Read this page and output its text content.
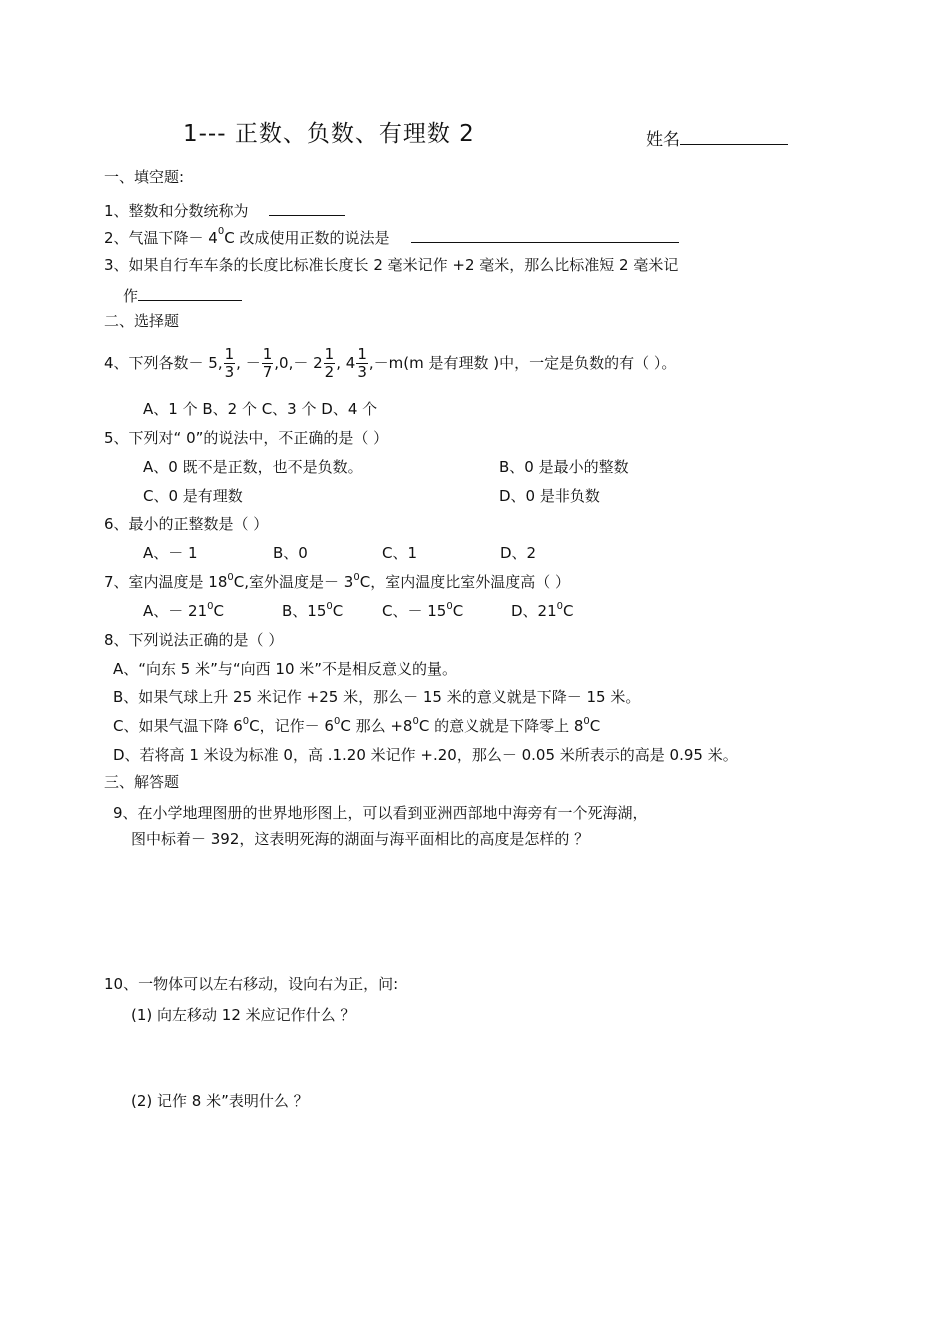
1--- 正数、负数、有理数 2	姓名
一、填空题:
1、整数和分数统称为
2、气温下降－ $4^0C$ 改成使用正数的说法是
3、如果自行车车条的长度比标准长度长 2 毫米记作 +2 毫米，那么比标准短 2 毫米记
作
二、选择题
4、下列各数－ 5, $\frac{1}{3}$ , － $\frac{1}{7} ,0,- 2 \frac{1}{2}$ , $4 \frac{1}{3} ,-m(m$ 是有理数 )中，一定是负数的有（ ）。
A、1 个 B、2 个 C、3 个 D、4 个
5、下列对“ 0”的说法中，不正确的是（ ）
A、0 既不是正数，也不是负数。	B、0 是最小的整数
C、0 是有理数	D、0 是非负数
6、最小的正整数是（ ）
A、－ 1	B、0	C、1	D、2
7、室内温度是 $18^0C$,室外温度是－ $3^0C$，室内温度比室外温度高（ ）
A、－ $21^0C$	B、$15^0C$	C、－ $15^0C$	D、$21^0C$
8、下列说法正确的是（ ）
A、“向东 5 米”与“向西 10 米”不是相反意义的量。
B、如果气球上升 25 米记作 +25 米，那么－ 15 米的意义就是下降－ 15 米。
C、如果气温下降 $6^0C$，记作－ $6^0C$ 那么 $+8^0C$ 的意义就是下降零上 $8^0C$
D、若将高 1 米设为标准 0，高 .1.20 米记作 +.20，那么－ 0.05 米所表示的高是 0.95 米。
三、解答题
9、在小学地理图册的世界地形图上，可以看到亚洲西部地中海旁有一个死海湖，
图中标着－ 392，这表明死海的湖面与海平面相比的高度是怎样的 ？
10、一物体可以左右移动，设向右为正，问:
(1) 向左移动 12 米应记作什么 ？
(2) 记作 8 米”表明什么 ？
